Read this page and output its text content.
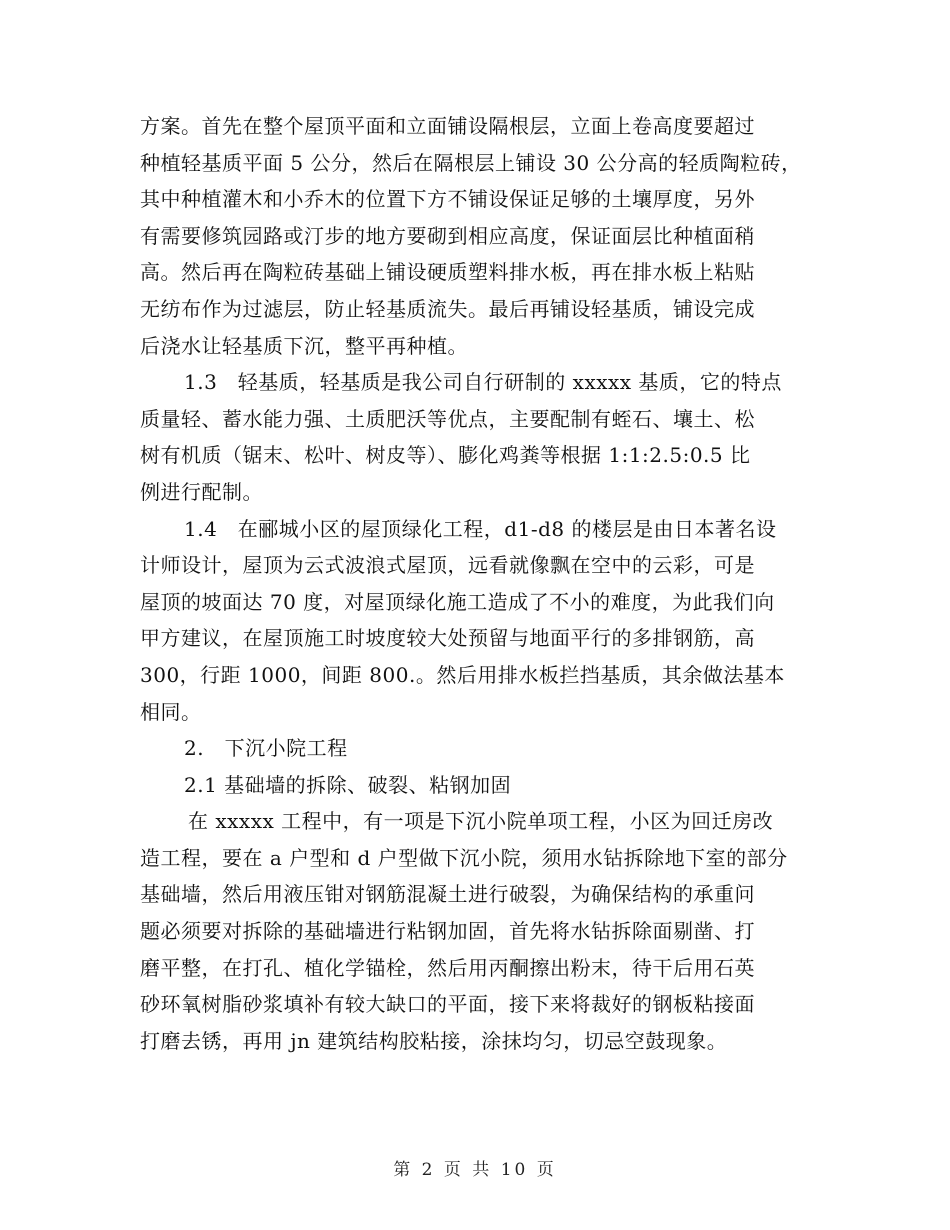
方案。首先在整个屋顶平面和立面铺设隔根层，立面上卷高度要超过
种植轻基质平面 5 公分，然后在隔根层上铺设 30 公分高的轻质陶粒砖，
其中种植灌木和小乔木的位置下方不铺设保证足够的土壤厚度，另外
有需要修筑园路或汀步的地方要砌到相应高度，保证面层比种植面稍
高。然后再在陶粒砖基础上铺设硬质塑料排水板，再在排水板上粘贴
无纺布作为过滤层，防止轻基质流失。最后再铺设轻基质，铺设完成
后浇水让轻基质下沉，整平再种植。
1.3　轻基质，轻基质是我公司自行研制的 xxxxx 基质，它的特点
质量轻、蓄水能力强、土质肥沃等优点，主要配制有蛭石、壤土、松
树有机质（锯末、松叶、树皮等）、膨化鸡粪等根据 1:1:2.5:0.5 比
例进行配制。
1.4　在郦城小区的屋顶绿化工程，d1-d8 的楼层是由日本著名设
计师设计，屋顶为云式波浪式屋顶，远看就像飘在空中的云彩，可是
屋顶的坡面达 70 度，对屋顶绿化施工造成了不小的难度，为此我们向
甲方建议，在屋顶施工时坡度较大处预留与地面平行的多排钢筋，高
300，行距 1000，间距 800.。然后用排水板拦挡基质，其余做法基本
相同。
2.　下沉小院工程
2.1 基础墙的拆除、破裂、粘钢加固
在 xxxxx 工程中，有一项是下沉小院单项工程，小区为回迁房改
造工程，要在 a 户型和 d 户型做下沉小院，须用水钻拆除地下室的部分
基础墙，然后用液压钳对钢筋混凝土进行破裂，为确保结构的承重问
题必须要对拆除的基础墙进行粘钢加固，首先将水钻拆除面剔凿、打
磨平整，在打孔、植化学锚栓，然后用丙酮擦出粉末，待干后用石英
砂环氧树脂砂浆填补有较大缺口的平面，接下来将裁好的钢板粘接面
打磨去锈，再用 jn 建筑结构胶粘接，涂抹均匀，切忌空鼓现象。
第 2 页 共 10 页
